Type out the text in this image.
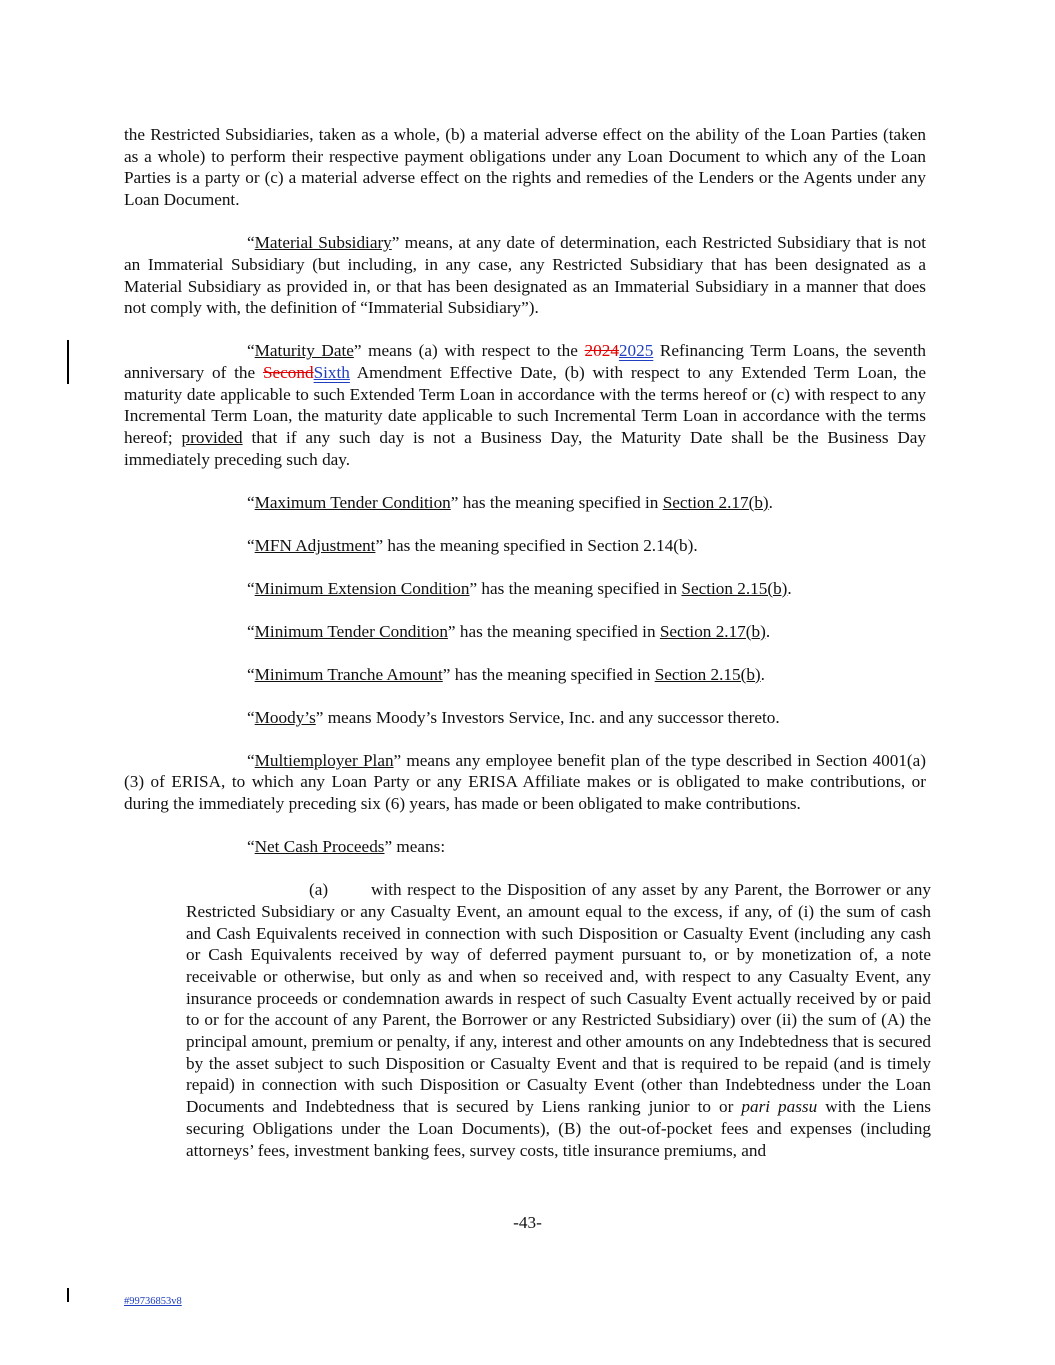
the Restricted Subsidiaries, taken as a whole, (b) a material adverse effect on the ability of the Loan Parties (taken as a whole) to perform their respective payment obligations under any Loan Document to which any of the Loan Parties is a party or (c) a material adverse effect on the rights and remedies of the Lenders or the Agents under any Loan Document.

“Material Subsidiary” means, at any date of determination, each Restricted Subsidiary that is not an Immaterial Subsidiary (but including, in any case, any Restricted Subsidiary that has been designated as a Material Subsidiary as provided in, or that has been designated as an Immaterial Subsidiary in a manner that does not comply with, the definition of “Immaterial Subsidiary”).

“Maturity Date” means (a) with respect to the 20242025 Refinancing Term Loans, the seventh anniversary of the SecondSixth Amendment Effective Date, (b) with respect to any Extended Term Loan, the maturity date applicable to such Extended Term Loan in accordance with the terms hereof or (c) with respect to any Incremental Term Loan, the maturity date applicable to such Incremental Term Loan in accordance with the terms hereof; provided that if any such day is not a Business Day, the Maturity Date shall be the Business Day immediately preceding such day.

“Maximum Tender Condition” has the meaning specified in Section 2.17(b).

“MFN Adjustment” has the meaning specified in Section 2.14(b).

“Minimum Extension Condition” has the meaning specified in Section 2.15(b).

“Minimum Tender Condition” has the meaning specified in Section 2.17(b).

“Minimum Tranche Amount” has the meaning specified in Section 2.15(b).

“Moody’s” means Moody’s Investors Service, Inc. and any successor thereto.

“Multiemployer Plan” means any employee benefit plan of the type described in Section 4001(a)(3) of ERISA, to which any Loan Party or any ERISA Affiliate makes or is obligated to make contributions, or during the immediately preceding six (6) years, has made or been obligated to make contributions.

“Net Cash Proceeds” means:

(a) with respect to the Disposition of any asset by any Parent, the Borrower or any Restricted Subsidiary or any Casualty Event, an amount equal to the excess, if any, of (i) the sum of cash and Cash Equivalents received in connection with such Disposition or Casualty Event (including any cash or Cash Equivalents received by way of deferred payment pursuant to, or by monetization of, a note receivable or otherwise, but only as and when so received and, with respect to any Casualty Event, any insurance proceeds or condemnation awards in respect of such Casualty Event actually received by or paid to or for the account of any Parent, the Borrower or any Restricted Subsidiary) over (ii) the sum of (A) the principal amount, premium or penalty, if any, interest and other amounts on any Indebtedness that is secured by the asset subject to such Disposition or Casualty Event and that is required to be repaid (and is timely repaid) in connection with such Disposition or Casualty Event (other than Indebtedness under the Loan Documents and Indebtedness that is secured by Liens ranking junior to or pari passu with the Liens securing Obligations under the Loan Documents), (B) the out-of-pocket fees and expenses (including attorneys’ fees, investment banking fees, survey costs, title insurance premiums, and

-43-
#99736853v8
